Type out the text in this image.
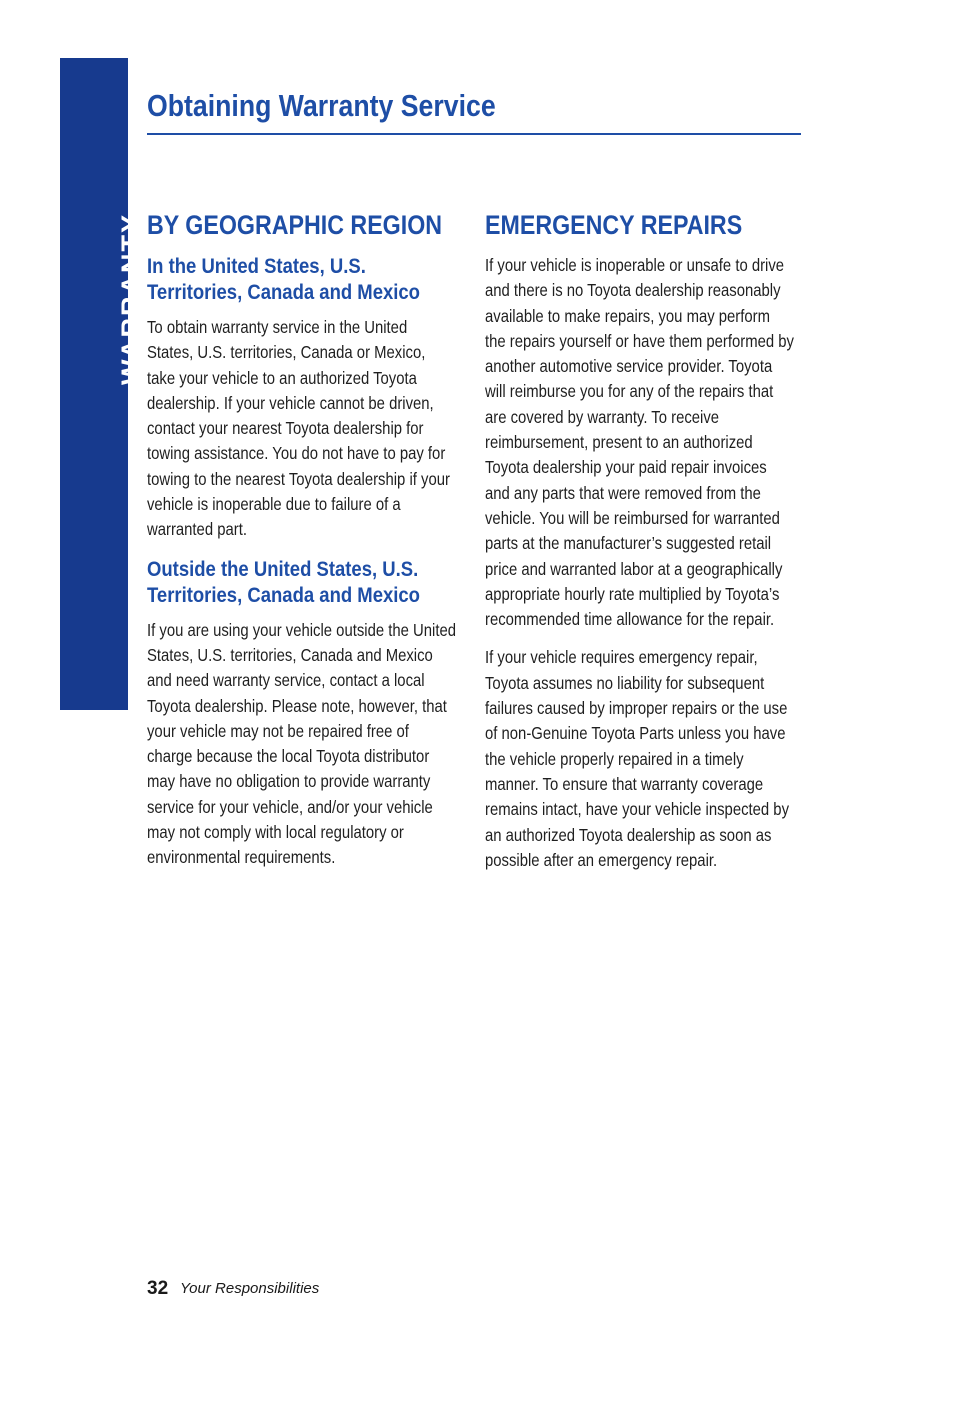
WARRANTY
Obtaining Warranty Service
BY GEOGRAPHIC REGION
In the United States, U.S.
Territories, Canada and Mexico

To obtain warranty service in the United States, U.S. territories, Canada or Mexico, take your vehicle to an authorized Toyota dealership. If your vehicle cannot be driven, contact your nearest Toyota dealership for towing assistance. You do not have to pay for towing to the nearest Toyota dealership if your vehicle is inoperable due to failure of a warranted part.

Outside the United States, U.S.
Territories, Canada and Mexico

If you are using your vehicle outside the United States, U.S. territories, Canada and Mexico and need warranty service, contact a local Toyota dealership. Please note, however, that your vehicle may not be repaired free of charge because the local Toyota distributor may have no obligation to provide warranty service for your vehicle, and/or your vehicle may not comply with local regulatory or environmental requirements.

EMERGENCY REPAIRS

If your vehicle is inoperable or unsafe to drive and there is no Toyota dealership reasonably available to make repairs, you may perform the repairs yourself or have them performed by another automotive service provider. Toyota will reimburse you for any of the repairs that are covered by warranty. To receive reimbursement, present to an authorized Toyota dealership your paid repair invoices and any parts that were removed from the vehicle. You will be reimbursed for warranted parts at the manufacturer’s suggested retail price and warranted labor at a geographically appropriate hourly rate multiplied by Toyota’s recommended time allowance for the repair.

If your vehicle requires emergency repair, Toyota assumes no liability for subsequent failures caused by improper repairs or the use of non-Genuine Toyota Parts unless you have the vehicle properly repaired in a timely manner. To ensure that warranty coverage remains intact, have your vehicle inspected by an authorized Toyota dealership as soon as possible after an emergency repair.

32 Your Responsibilities
